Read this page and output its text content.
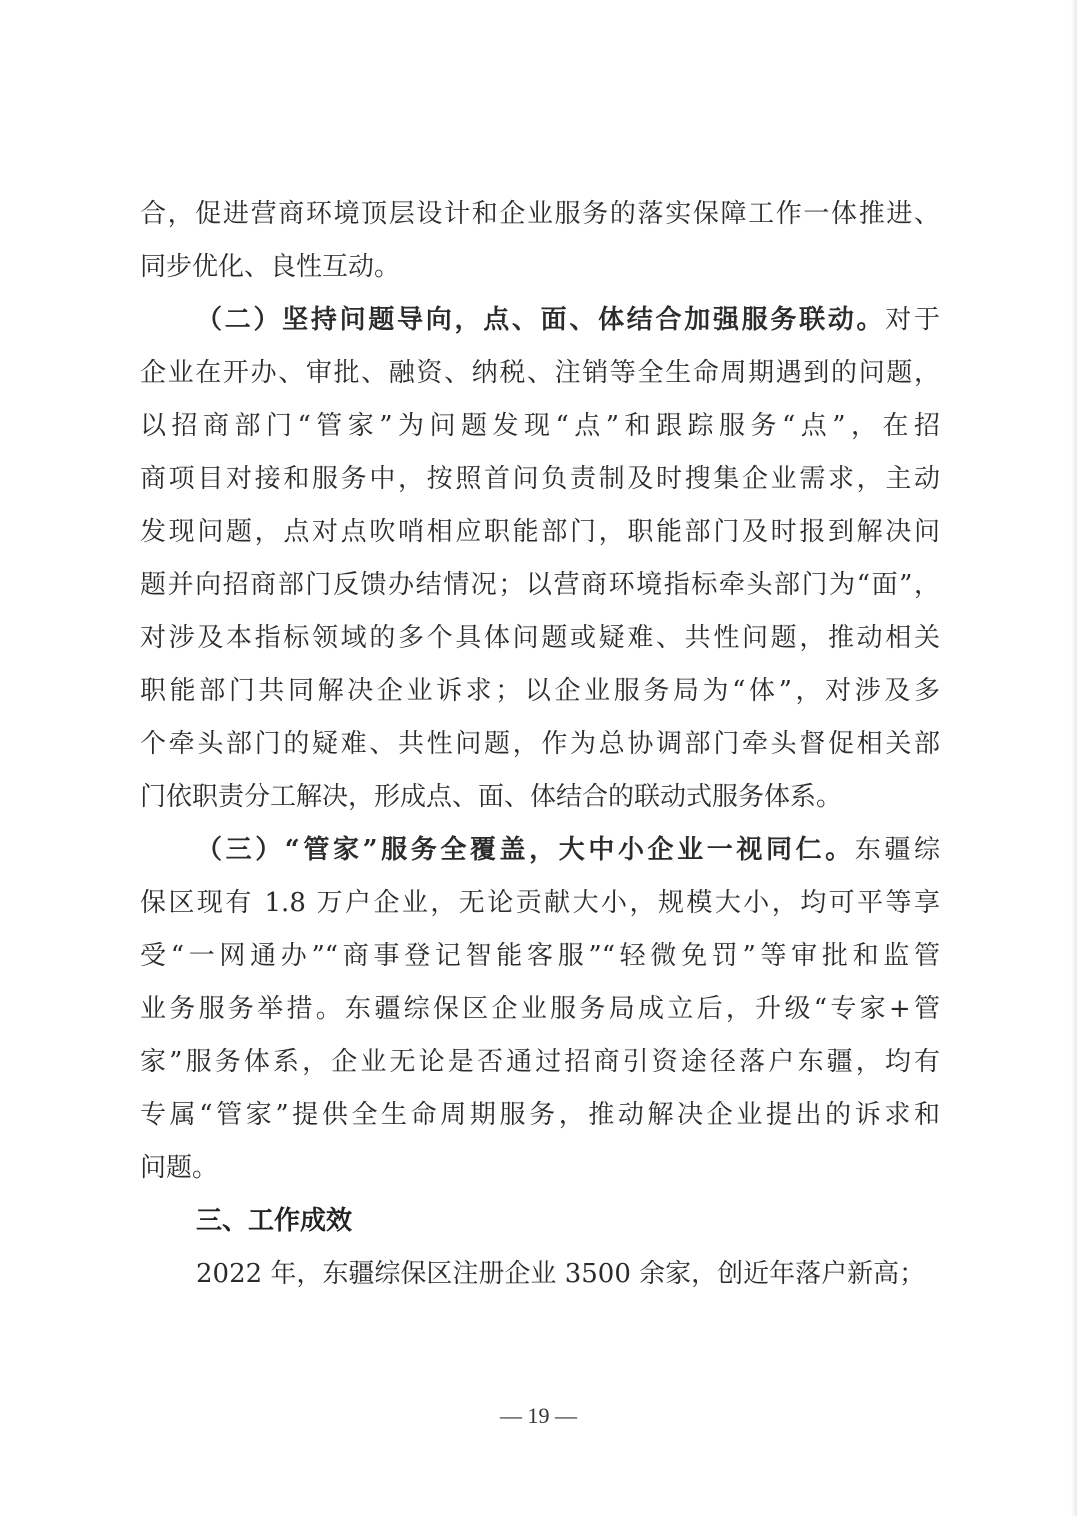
合，促进营商环境顶层设计和企业服务的落实保障工作一体推进、
同步优化、良性互动。
（二）坚持问题导向，点、面、体结合加强服务联动。对于
企业在开办、审批、融资、纳税、注销等全生命周期遇到的问题，
以招商部门“管家”为问题发现“点”和跟踪服务“点”，在招
商项目对接和服务中，按照首问负责制及时搜集企业需求，主动
发现问题，点对点吹哨相应职能部门，职能部门及时报到解决问
题并向招商部门反馈办结情况；以营商环境指标牵头部门为“面”，
对涉及本指标领域的多个具体问题或疑难、共性问题，推动相关
职能部门共同解决企业诉求；以企业服务局为“体”，对涉及多
个牵头部门的疑难、共性问题，作为总协调部门牵头督促相关部
门依职责分工解决，形成点、面、体结合的联动式服务体系。
（三）“管家”服务全覆盖，大中小企业一视同仁。东疆综
保区现有 1.8 万户企业，无论贡献大小，规模大小，均可平等享
受“一网通办”“商事登记智能客服”“轻微免罚”等审批和监管
业务服务举措。东疆综保区企业服务局成立后，升级“专家+管
家”服务体系，企业无论是否通过招商引资途径落户东疆，均有
专属“管家”提供全生命周期服务，推动解决企业提出的诉求和
问题。
三、工作成效
2022 年，东疆综保区注册企业 3500 余家，创近年落户新高；
— 19 —
